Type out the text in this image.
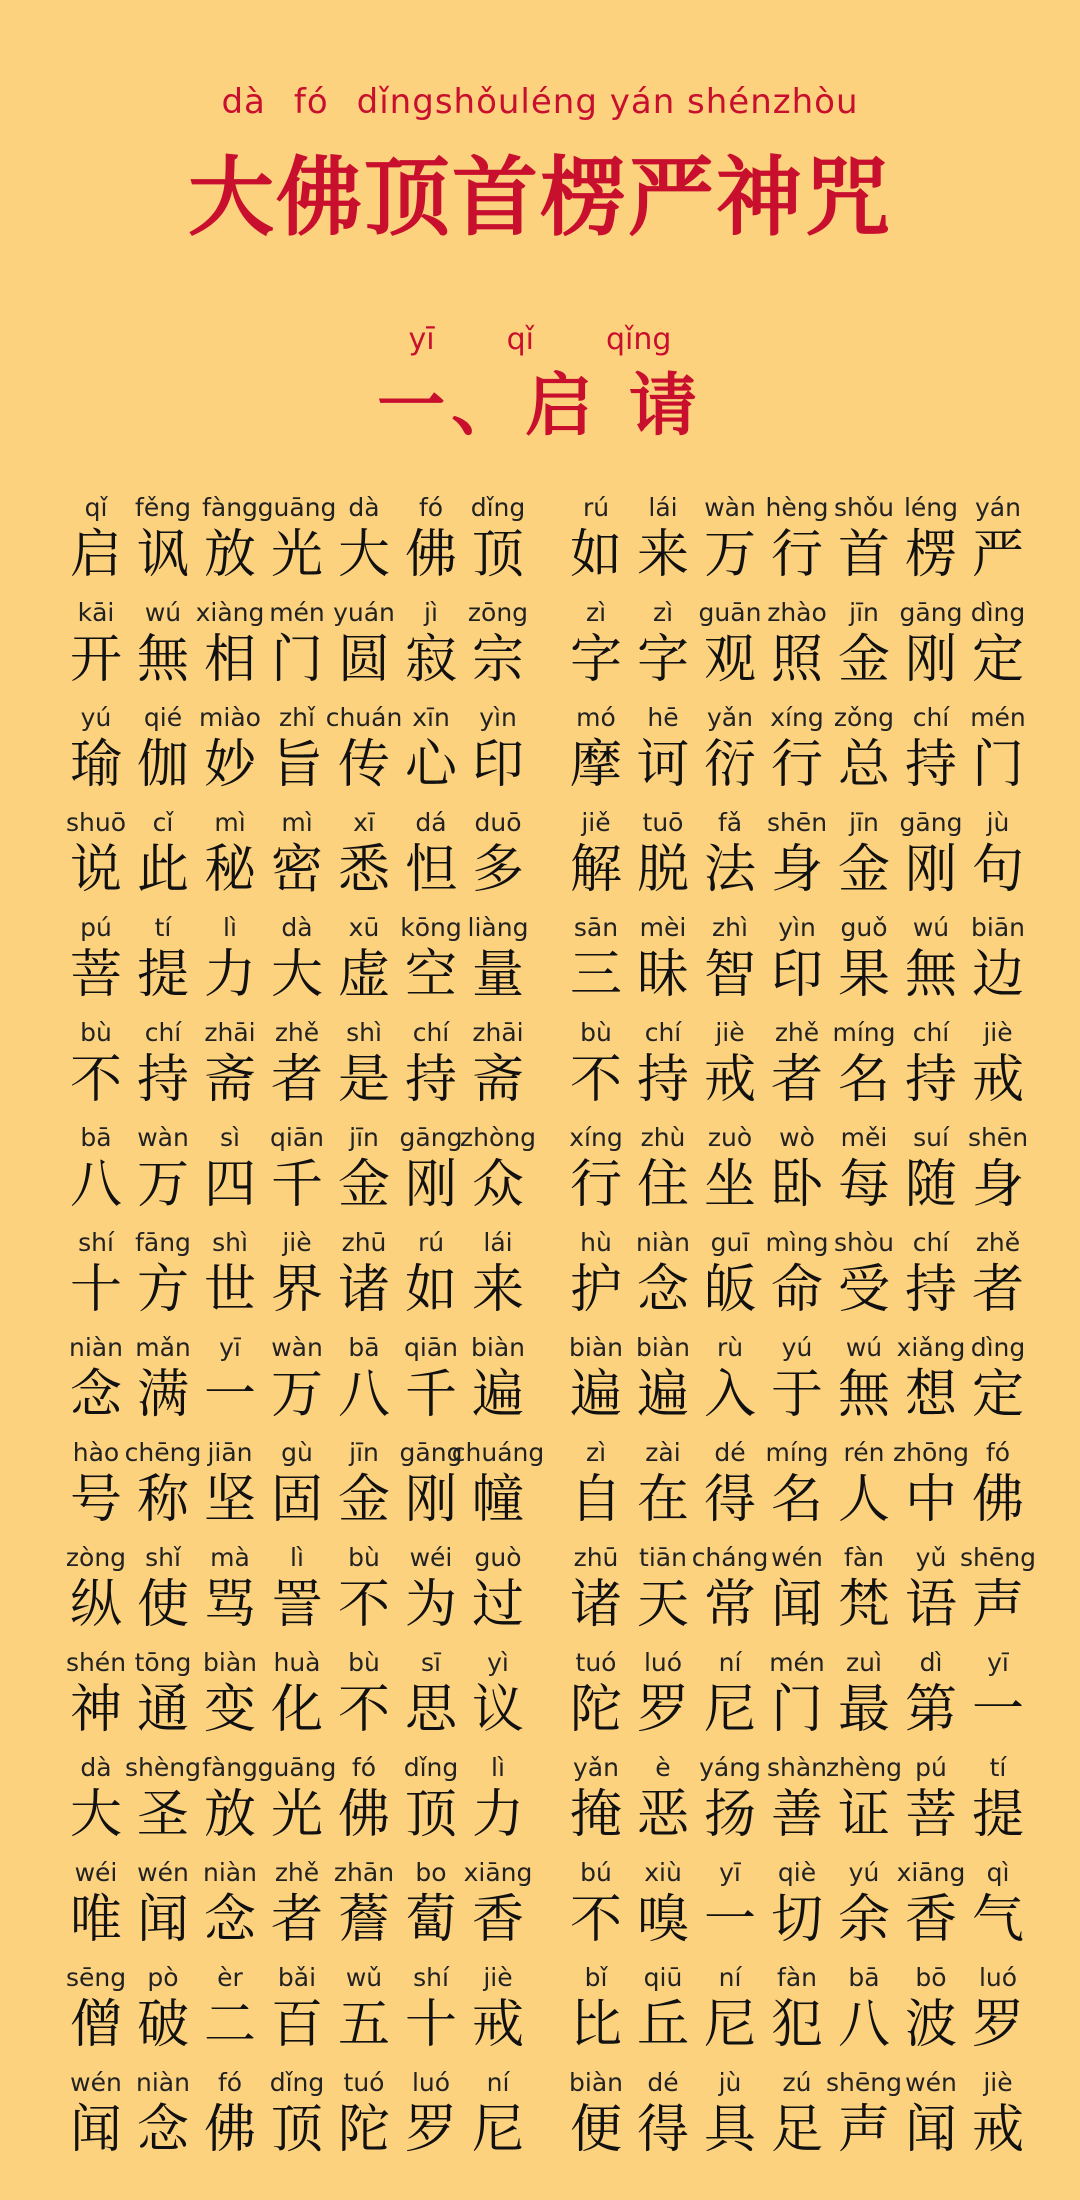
dà fó dǐngshǒuléng yán shénzhòu
大佛顶首楞严神咒
yī qǐ qǐng
一、启 请
qǐ
启
fěng
讽
fàng
放
guāng
光
dà
大
fó
佛
dǐng
顶
rú
如
lái
来
wàn
万
hèng
行
shǒu
首
léng
楞
yán
严
kāi
开
wú
無
xiàng
相
mén
门
yuán
圆
jì
寂
zōng
宗
zì
字
zì
字
guān
观
zhào
照
jīn
金
gāng
刚
dìng
定
yú
瑜
qié
伽
miào
妙
zhǐ
旨
chuán
传
xīn
心
yìn
印
mó
摩
hē
诃
yǎn
衍
xíng
行
zǒng
总
chí
持
mén
门
shuō
说
cǐ
此
mì
秘
mì
密
xī
悉
dá
怛
duō
多
jiě
解
tuō
脱
fǎ
法
shēn
身
jīn
金
gāng
刚
jù
句
pú
菩
tí
提
lì
力
dà
大
xū
虚
kōng
空
liàng
量
sān
三
mèi
昧
zhì
智
yìn
印
guǒ
果
wú
無
biān
边
bù
不
chí
持
zhāi
斋
zhě
者
shì
是
chí
持
zhāi
斋
bù
不
chí
持
jiè
戒
zhě
者
míng
名
chí
持
jiè
戒
bā
八
wàn
万
sì
四
qiān
千
jīn
金
gāng
刚
zhòng
众
xíng
行
zhù
住
zuò
坐
wò
卧
měi
每
suí
随
shēn
身
shí
十
fāng
方
shì
世
jiè
界
zhū
诸
rú
如
lái
来
hù
护
niàn
念
guī
皈
mìng
命
shòu
受
chí
持
zhě
者
niàn
念
mǎn
满
yī
一
wàn
万
bā
八
qiān
千
biàn
遍
biàn
遍
biàn
遍
rù
入
yú
于
wú
無
xiǎng
想
dìng
定
hào
号
chēng
称
jiān
坚
gù
固
jīn
金
gāng
刚
chuáng
幢
zì
自
zài
在
dé
得
míng
名
rén
人
zhōng
中
fó
佛
zòng
纵
shǐ
使
mà
骂
lì
詈
bù
不
wéi
为
guò
过
zhū
诸
tiān
天
cháng
常
wén
闻
fàn
梵
yǔ
语
shēng
声
shén
神
tōng
通
biàn
变
huà
化
bù
不
sī
思
yì
议
tuó
陀
luó
罗
ní
尼
mén
门
zuì
最
dì
第
yī
一
dà
大
shèng
圣
fàng
放
guāng
光
fó
佛
dǐng
顶
lì
力
yǎn
掩
è
恶
yáng
扬
shàn
善
zhèng
证
pú
菩
tí
提
wéi
唯
wén
闻
niàn
念
zhě
者
zhān
薝
bo
蔔
xiāng
香
bú
不
xiù
嗅
yī
一
qiè
切
yú
余
xiāng
香
qì
气
sēng
僧
pò
破
èr
二
bǎi
百
wǔ
五
shí
十
jiè
戒
bǐ
比
qiū
丘
ní
尼
fàn
犯
bā
八
bō
波
luó
罗
wén
闻
niàn
念
fó
佛
dǐng
顶
tuó
陀
luó
罗
ní
尼
biàn
便
dé
得
jù
具
zú
足
shēng
声
wén
闻
jiè
戒
